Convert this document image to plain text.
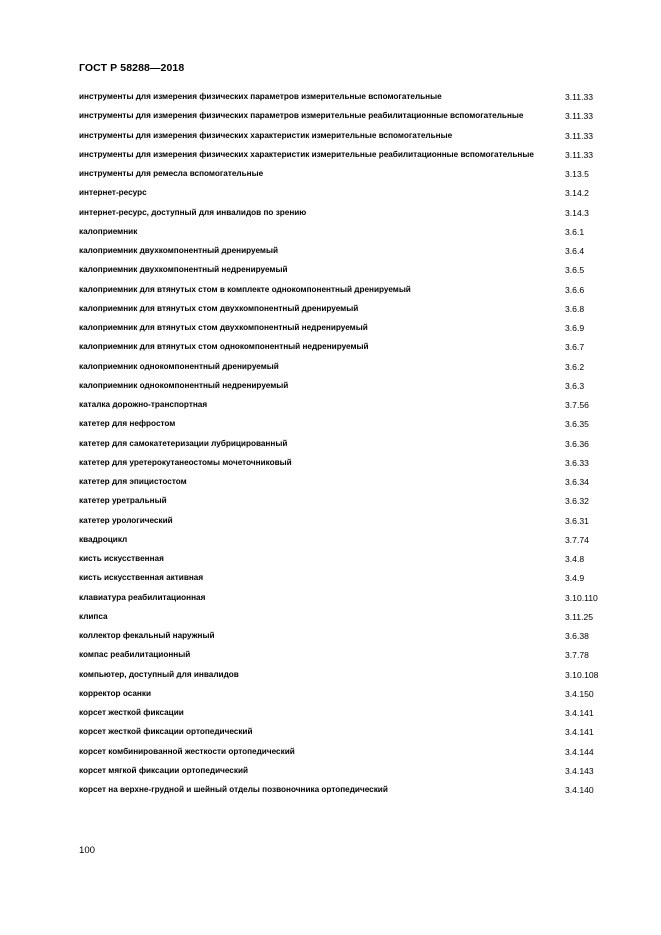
ГОСТ Р 58288—2018
инструменты для измерения физических параметров измерительные вспомогательные	3.11.33
инструменты для измерения физических параметров измерительные реабилитационные вспомогательные	3.11.33
инструменты для измерения физических характеристик измерительные вспомогательные	3.11.33
инструменты для измерения физических характеристик измерительные реабилитационные вспомогательные	3.11.33
инструменты для ремесла вспомогательные	3.13.5
интернет-ресурс	3.14.2
интернет-ресурс, доступный для инвалидов по зрению	3.14.3
калоприемник	3.6.1
калоприемник двухкомпонентный дренируемый	3.6.4
калоприемник двухкомпонентный недренируемый	3.6.5
калоприемник для втянутых стом в комплекте однокомпонентный дренируемый	3.6.6
калоприемник для втянутых стом двухкомпонентный дренируемый	3.6.8
калоприемник для втянутых стом двухкомпонентный недренируемый	3.6.9
калоприемник для втянутых стом однокомпонентный недренируемый	3.6.7
калоприемник однокомпонентный дренируемый	3.6.2
калоприемник однокомпонентный недренируемый	3.6.3
каталка дорожно-транспортная	3.7.56
катетер для нефростом	3.6.35
катетер для самокатетеризации лубрицированный	3.6.36
катетер для уретерокутанеостомы мочеточниковый	3.6.33
катетер для эпицистостом	3.6.34
катетер уретральный	3.6.32
катетер урологический	3.6.31
квадроцикл	3.7.74
кисть искусственная	3.4.8
кисть искусственная активная	3.4.9
клавиатура реабилитационная	3.10.110
клипса	3.11.25
коллектор фекальный наружный	3.6.38
компас реабилитационный	3.7.78
компьютер, доступный для инвалидов	3.10.108
корректор осанки	3.4.150
корсет жесткой фиксации	3.4.141
корсет жесткой фиксации ортопедический	3.4.141
корсет комбинированной жесткости ортопедический	3.4.144
корсет мягкой фиксации ортопедический	3.4.143
корсет на верхне-грудной и шейный отделы позвоночника ортопедический	3.4.140
100
